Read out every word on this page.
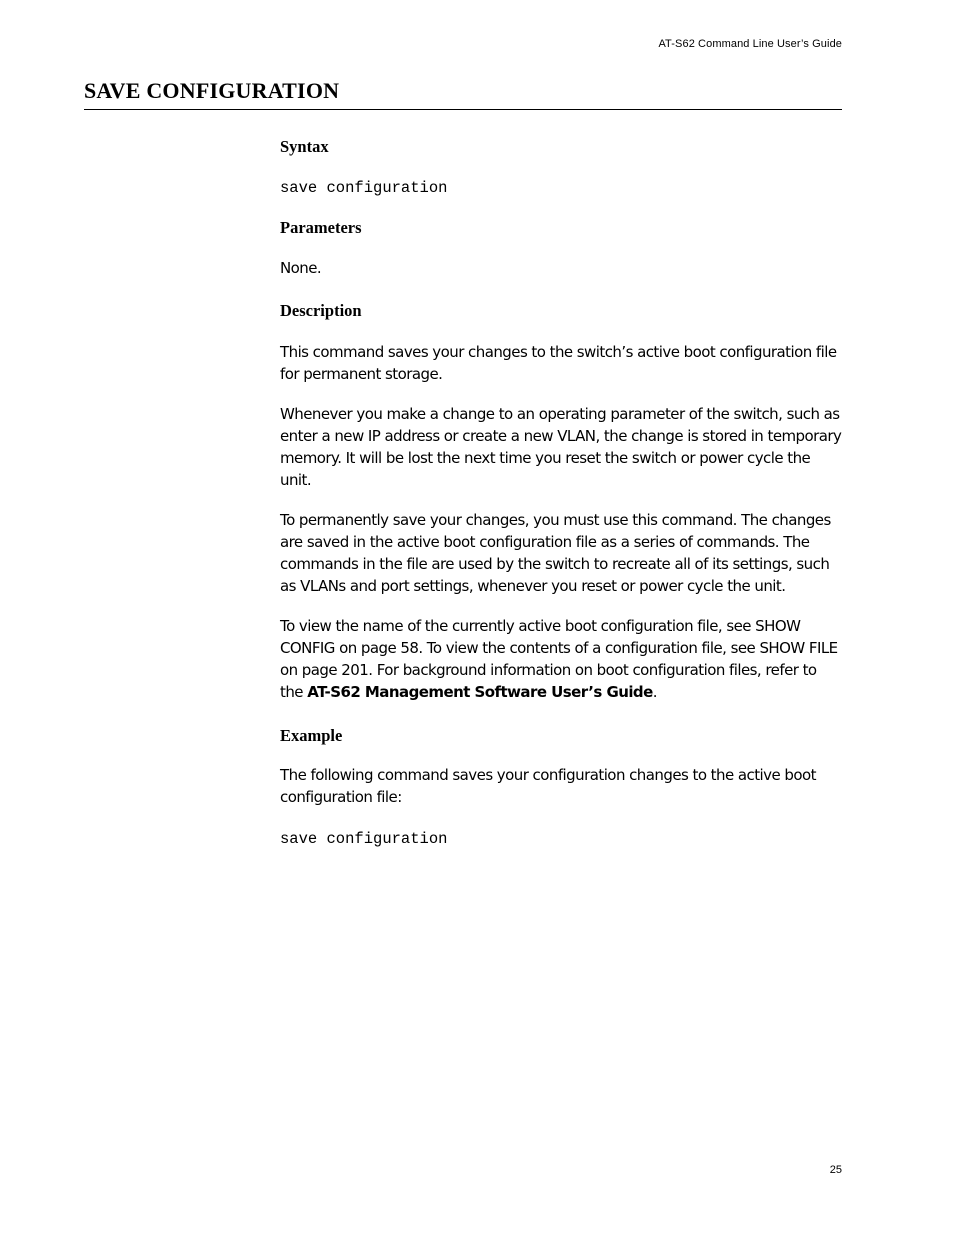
AT-S62 Command Line User’s Guide
SAVE CONFIGURATION
Syntax
save configuration
Parameters

None.

Description

This command saves your changes to the switch’s active boot configuration file for permanent storage.

Whenever you make a change to an operating parameter of the switch, such as enter a new IP address or create a new VLAN, the change is stored in temporary memory. It will be lost the next time you reset the switch or power cycle the unit.

To permanently save your changes, you must use this command. The changes are saved in the active boot configuration file as a series of commands. The commands in the file are used by the switch to recreate all of its settings, such as VLANs and port settings, whenever you reset or power cycle the unit.

To view the name of the currently active boot configuration file, see SHOW CONFIG on page 58. To view the contents of a configuration file, see SHOW FILE on page 201. For background information on boot configuration files, refer to the AT-S62 Management Software User’s Guide.

Example

The following command saves your configuration changes to the active boot configuration file:

save configuration
25
